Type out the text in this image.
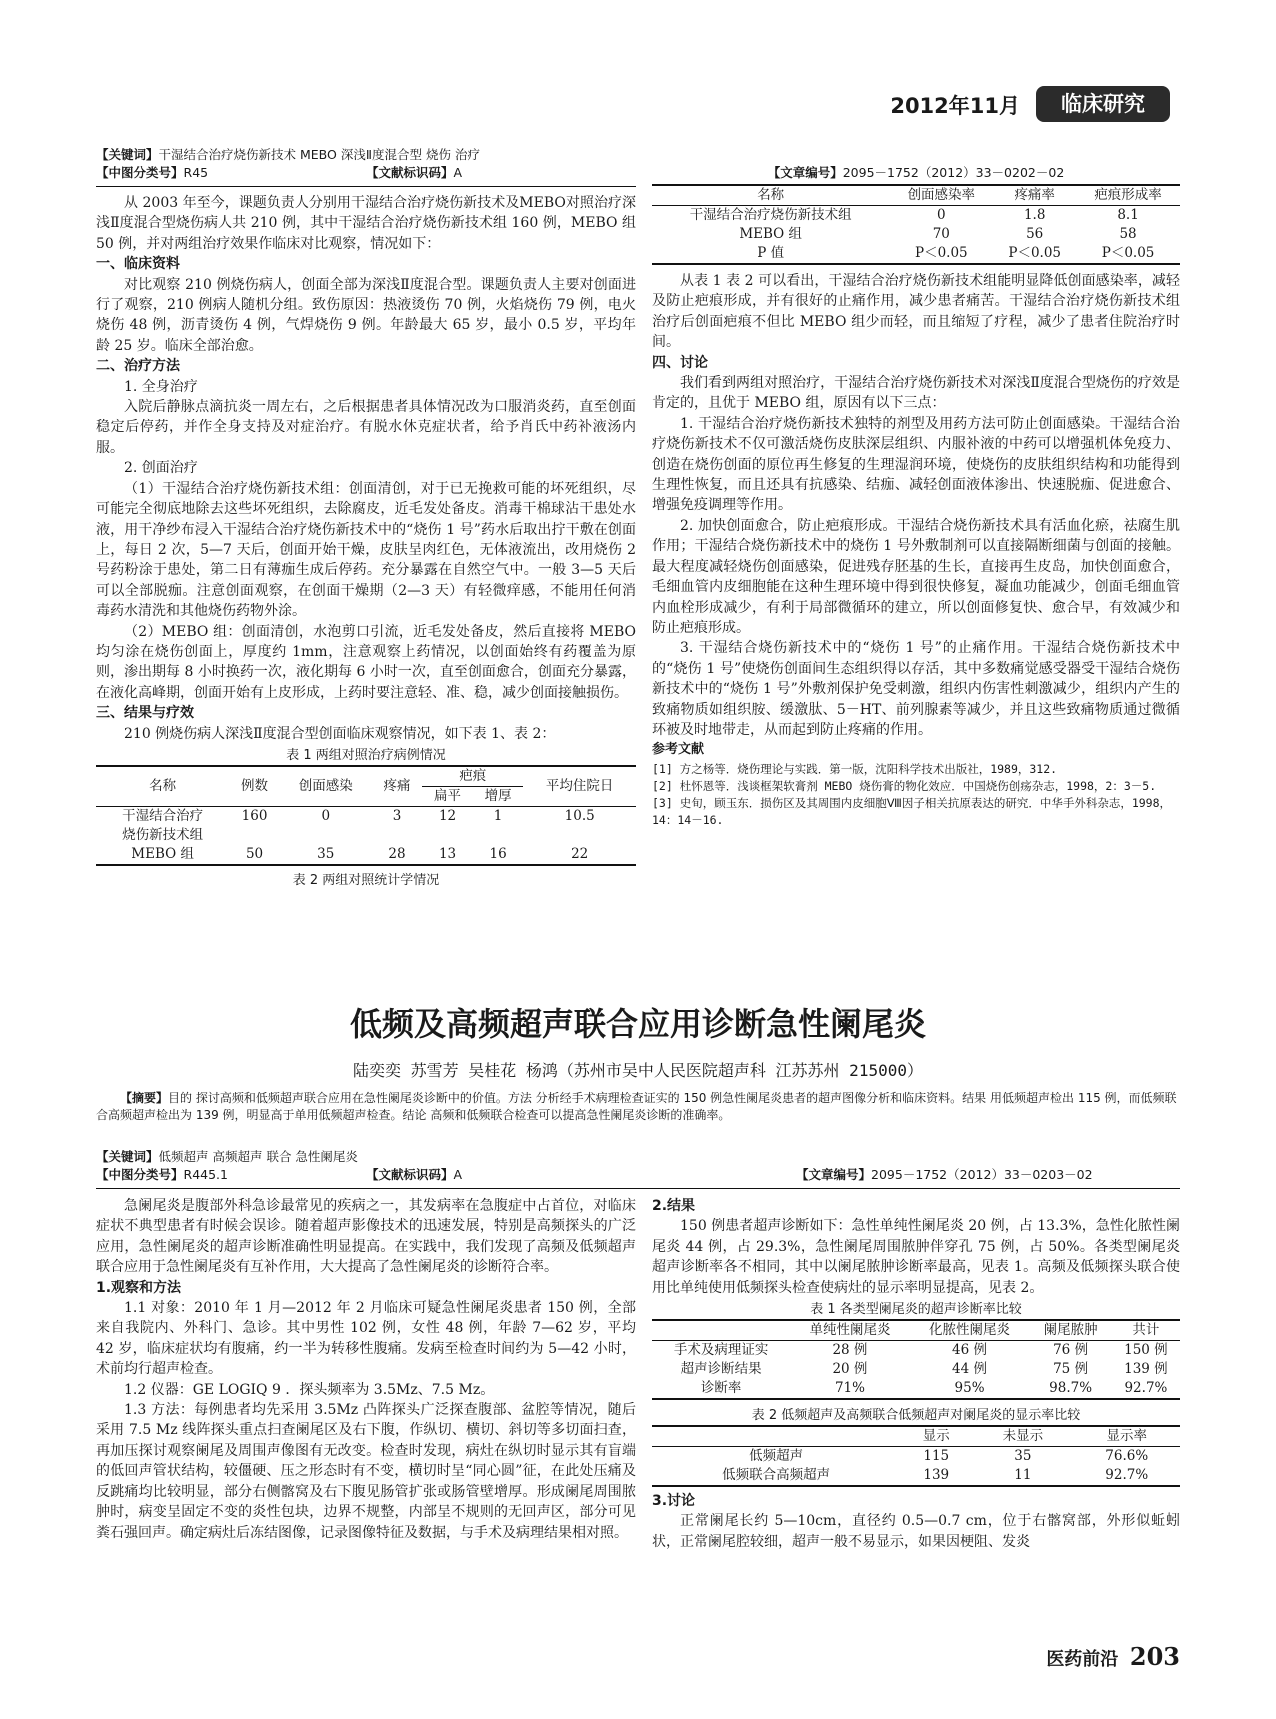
2012年11月	临床研究
【关键词】干湿结合治疗烧伤新技术 MEBO 深浅Ⅱ度混合型 烧伤 治疗
【中图分类号】R45	【文献标识码】A

从 2003 年至今，课题负责人分别用干湿结合治疗烧伤新技术及MEBO对照治疗深浅Ⅱ度混合型烧伤病人共 210 例，其中干湿结合治疗烧伤新技术组 160 例，MEBO 组 50 例，并对两组治疗效果作临床对比观察，情况如下：

一、临床资料

对比观察 210 例烧伤病人，创面全部为深浅Ⅱ度混合型。课题负责人主要对创面进行了观察，210 例病人随机分组。致伤原因：热液烫伤 70 例，火焰烧伤 79 例，电火烧伤 48 例，沥青烫伤 4 例，气焊烧伤 9 例。年龄最大 65 岁，最小 0.5 岁，平均年龄 25 岁。临床全部治愈。

二、治疗方法

1. 全身治疗

入院后静脉点滴抗炎一周左右，之后根据患者具体情况改为口服消炎药，直至创面稳定后停药，并作全身支持及对症治疗。有脱水休克症状者，给予肖氏中药补液汤内服。

2. 创面治疗

（1）干湿结合治疗烧伤新技术组：创面清创，对于已无挽救可能的坏死组织，尽可能完全彻底地除去这些坏死组织，去除腐皮，近毛发处备皮。消毒干棉球沾干患处水液，用干净纱布浸入干湿结合治疗烧伤新技术中的“烧伤 1 号”药水后取出拧干敷在创面上，每日 2 次，5—7 天后，创面开始干燥，皮肤呈肉红色，无体液流出，改用烧伤 2 号药粉涂于患处，第二日有薄痂生成后停药。充分暴露在自然空气中。一般 3—5 天后可以全部脱痂。注意创面观察，在创面干燥期（2—3 天）有轻微痒感，不能用任何消毒药水清洗和其他烧伤药物外涂。

（2）MEBO 组：创面清创，水泡剪口引流，近毛发处备皮，然后直接将 MEBO 均匀涂在烧伤创面上，厚度约 1mm，注意观察上药情况，以创面始终有药覆盖为原则，渗出期每 8 小时换药一次，液化期每 6 小时一次，直至创面愈合，创面充分暴露，在液化高峰期，创面开始有上皮形成，上药时要注意轻、准、稳，减少创面接触损伤。

三、结果与疗效

210 例烧伤病人深浅Ⅱ度混合型创面临床观察情况，如下表 1、表 2：

表 1 两组对照治疗病例情况
名称	例数	创面感染	疼痛	疤痕		平均住院日
				扁平	增厚	
干湿结合治疗	160	0	3	12	1	10.5
烧伤新技术组						
MEBO 组	50	35	28	13	16	22
表 2 两组对照统计学情况
【文章编号】2095－1752（2012）33－0202－02
名称	创面感染率	疼痛率	疤痕形成率
干湿结合治疗烧伤新技术组	0	1.8	8.1
MEBO 组	70	56	58
P 值	P＜0.05	P＜0.05	P＜0.05

从表 1 表 2 可以看出，干湿结合治疗烧伤新技术组能明显降低创面感染率，减轻及防止疤痕形成，并有很好的止痛作用，减少患者痛苦。干湿结合治疗烧伤新技术组治疗后创面疤痕不但比 MEBO 组少而轻，而且缩短了疗程，减少了患者住院治疗时间。

四、讨论

我们看到两组对照治疗，干湿结合治疗烧伤新技术对深浅Ⅱ度混合型烧伤的疗效是肯定的，且优于 MEBO 组，原因有以下三点：

1. 干湿结合治疗烧伤新技术独特的剂型及用药方法可防止创面感染。干湿结合治疗烧伤新技术不仅可激活烧伤皮肤深层组织、内服补液的中药可以增强机体免疫力、创造在烧伤创面的原位再生修复的生理湿润环境，使烧伤的皮肤组织结构和功能得到生理性恢复，而且还具有抗感染、结痂、减轻创面液体渗出、快速脱痂、促进愈合、增强免疫调理等作用。

2. 加快创面愈合，防止疤痕形成。干湿结合烧伤新技术具有活血化瘀，祛腐生肌作用；干湿结合烧伤新技术中的烧伤 1 号外敷制剂可以直接隔断细菌与创面的接触。最大程度减轻烧伤创面感染，促进残存胚基的生长，直接再生皮岛，加快创面愈合，毛细血管内皮细胞能在这种生理环境中得到很快修复，凝血功能减少，创面毛细血管内血栓形成减少，有利于局部微循环的建立，所以创面修复快、愈合早，有效减少和防止疤痕形成。

3. 干湿结合烧伤新技术中的“烧伤 1 号”的止痛作用。干湿结合烧伤新技术中的“烧伤 1 号”使烧伤创面间生态组织得以存活，其中多数痛觉感受器受干湿结合烧伤新技术中的“烧伤 1 号”外敷剂保护免受刺激，组织内伤害性刺激减少，组织内产生的致痛物质如组织胺、缓激肽、5－HT、前列腺素等减少，并且这些致痛物质通过微循环被及时地带走，从而起到防止疼痛的作用。

参考文献

[1] 方之杨等．烧伤理论与实践．第一版，沈阳科学技术出版社，1989，312.

[2] 杜怀恩等．浅谈框架软膏剂 MEBO 烧伤膏的物化效应．中国烧伤创疡杂志，1998，2：3－5.

[3] 史旬，顾玉东．损伤区及其周围内皮细胞Ⅷ因子相关抗原表达的研究．中华手外科杂志，1998，14：14－16.

低频及高频超声联合应用诊断急性阑尾炎
陆奕奕 苏雪芳 吴桂花 杨鸿（苏州市吴中人民医院超声科 江苏苏州 215000）
【摘要】目的 探讨高频和低频超声联合应用在急性阑尾炎诊断中的价值。方法 分析经手术病理检查证实的 150 例急性阑尾炎患者的超声图像分析和临床资料。结果 用低频超声检出 115 例，而低频联合高频超声检出为 139 例，明显高于单用低频超声检查。结论 高频和低频联合检查可以提高急性阑尾炎诊断的准确率。
【关键词】低频超声 高频超声 联合 急性阑尾炎
【中图分类号】R445.1	【文献标识码】A	【文章编号】2095－1752（2012）33－0203－02

急阑尾炎是腹部外科急诊最常见的疾病之一，其发病率在急腹症中占首位，对临床症状不典型患者有时候会误诊。随着超声影像技术的迅速发展，特别是高频探头的广泛应用，急性阑尾炎的超声诊断准确性明显提高。在实践中，我们发现了高频及低频超声联合应用于急性阑尾炎有互补作用，大大提高了急性阑尾炎的诊断符合率。

1.观察和方法

1.1 对象：2010 年 1 月—2012 年 2 月临床可疑急性阑尾炎患者 150 例，全部来自我院内、外科门、急诊。其中男性 102 例，女性 48 例，年龄 7—62 岁，平均 42 岁，临床症状均有腹痛，约一半为转移性腹痛。发病至检查时间约为 5—42 小时，术前均行超声检查。

1.2 仪器：GE LOGIQ 9 ．探头频率为 3.5Mz、7.5 Mz。

1.3 方法：每例患者均先采用 3.5Mz 凸阵探头广泛探查腹部、盆腔等情况，随后采用 7.5 Mz 线阵探头重点扫查阑尾区及右下腹，作纵切、横切、斜切等多切面扫查，再加压探讨观察阑尾及周围声像图有无改变。检查时发现，病灶在纵切时显示其有盲端的低回声管状结构，较僵硬、压之形态时有不变，横切时呈“同心圆”征，在此处压痛及反跳痛均比较明显，部分右侧髂窝及右下腹见肠管扩张或肠管壁增厚。形成阑尾周围脓肿时，病变呈固定不变的炎性包块，边界不规整，内部呈不规则的无回声区，部分可见粪石强回声。确定病灶后冻结图像，记录图像特征及数据，与手术及病理结果相对照。

2.结果

150 例患者超声诊断如下：急性单纯性阑尾炎 20 例，占 13.3%，急性化脓性阑尾炎 44 例，占 29.3%，急性阑尾周围脓肿伴穿孔 75 例，占 50%。各类型阑尾炎超声诊断率各不相同，其中以阑尾脓肿诊断率最高，见表 1。高频及低频探头联合使用比单纯使用低频探头检查使病灶的显示率明显提高，见表 2。

表 1 各类型阑尾炎的超声诊断率比较
	单纯性阑尾炎	化脓性阑尾炎	阑尾脓肿	共计
手术及病理证实	28 例	46 例	76 例	150 例
超声诊断结果	20 例	44 例	75 例	139 例
诊断率	71%	95%	98.7%	92.7%
表 2 低频超声及高频联合低频超声对阑尾炎的显示率比较
	显示	未显示	显示率
低频超声	115	35	76.6%
低频联合高频超声	139	11	92.7%
3.讨论

正常阑尾长约 5—10cm，直径约 0.5—0.7 cm，位于右髂窝部，外形似蚯蚓状，正常阑尾腔较细，超声一般不易显示，如果因梗阻、发炎

医药前沿 203
